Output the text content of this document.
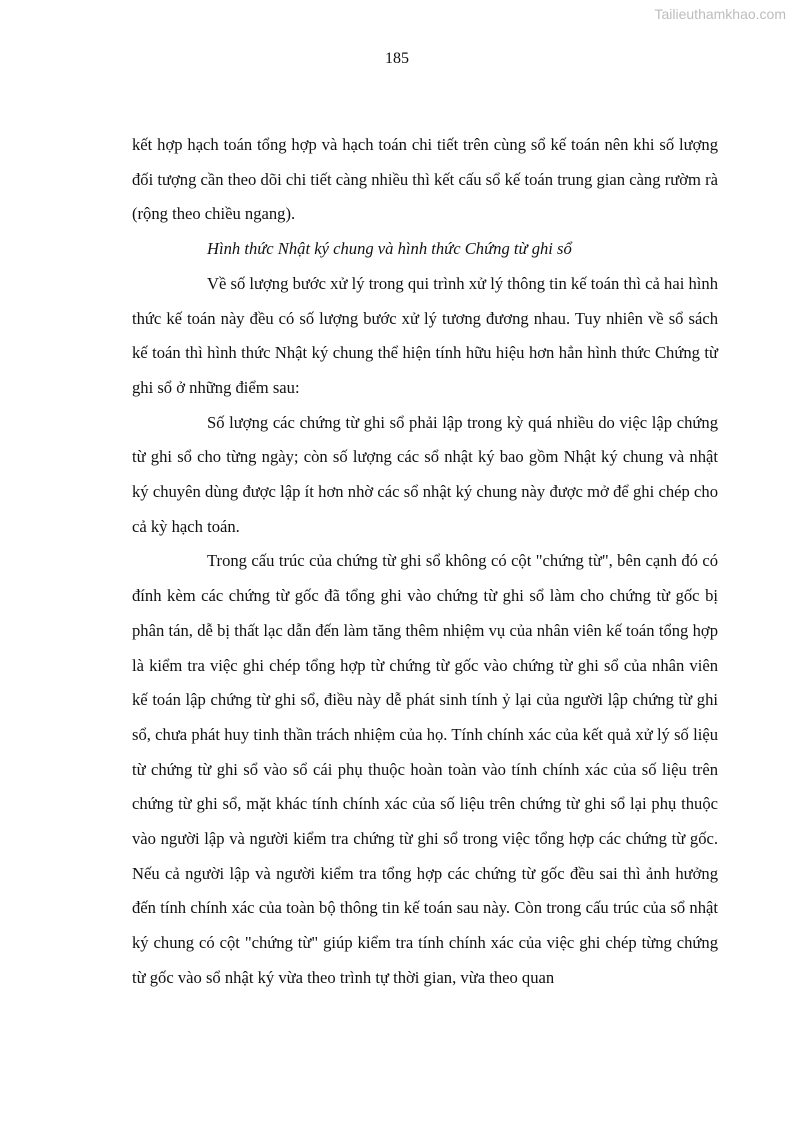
Tailieuthamkhao.com
185

kết hợp hạch toán tổng hợp và hạch toán chi tiết trên cùng sổ kế toán nên khi số lượng đối tượng cần theo dõi chi tiết càng nhiều thì kết cấu sổ kế toán trung gian càng rườm rà (rộng theo chiều ngang).

Hình thức Nhật ký chung và hình thức Chứng từ ghi sổ

Về số lượng bước xử lý trong qui trình xử lý thông tin kế toán thì cả hai hình thức kế toán này đều có số lượng bước xử lý tương đương nhau. Tuy nhiên về sổ sách kế toán thì hình thức Nhật ký chung thể hiện tính hữu hiệu hơn hẳn hình thức Chứng từ ghi sổ ở những điểm sau:

Số lượng các chứng từ ghi sổ phải lập trong kỳ quá nhiều do việc lập chứng từ ghi sổ cho từng ngày; còn số lượng các sổ nhật ký bao gồm Nhật ký chung và nhật ký chuyên dùng được lập ít hơn nhờ các sổ nhật ký chung này được mở để ghi chép cho cả kỳ hạch toán.

Trong cấu trúc của chứng từ ghi sổ không có cột "chứng từ", bên cạnh đó có đính kèm các chứng từ gốc đã tổng ghi vào chứng từ ghi sổ làm cho chứng từ gốc bị phân tán, dễ bị thất lạc dẫn đến làm tăng thêm nhiệm vụ của nhân viên kế toán tổng hợp là kiểm tra việc ghi chép tổng hợp từ chứng từ gốc vào chứng từ ghi sổ của nhân viên kế toán lập chứng từ ghi sổ, điều này dễ phát sinh tính ỷ lại của người lập chứng từ ghi sổ, chưa phát huy tinh thần trách nhiệm của họ. Tính chính xác của kết quả xử lý số liệu từ chứng từ ghi sổ vào sổ cái phụ thuộc hoàn toàn vào tính chính xác của số liệu trên chứng từ ghi sổ, mặt khác tính chính xác của số liệu trên chứng từ ghi sổ lại phụ thuộc vào người lập và người kiểm tra chứng từ ghi sổ trong việc tổng hợp các chứng từ gốc. Nếu cả người lập và người kiểm tra tổng hợp các chứng từ gốc đều sai thì ảnh hưởng đến tính chính xác của toàn bộ thông tin kế toán sau này. Còn trong cấu trúc của sổ nhật ký chung có cột "chứng từ" giúp kiểm tra tính chính xác của việc ghi chép từng chứng từ gốc vào sổ nhật ký vừa theo trình tự thời gian, vừa theo quan
